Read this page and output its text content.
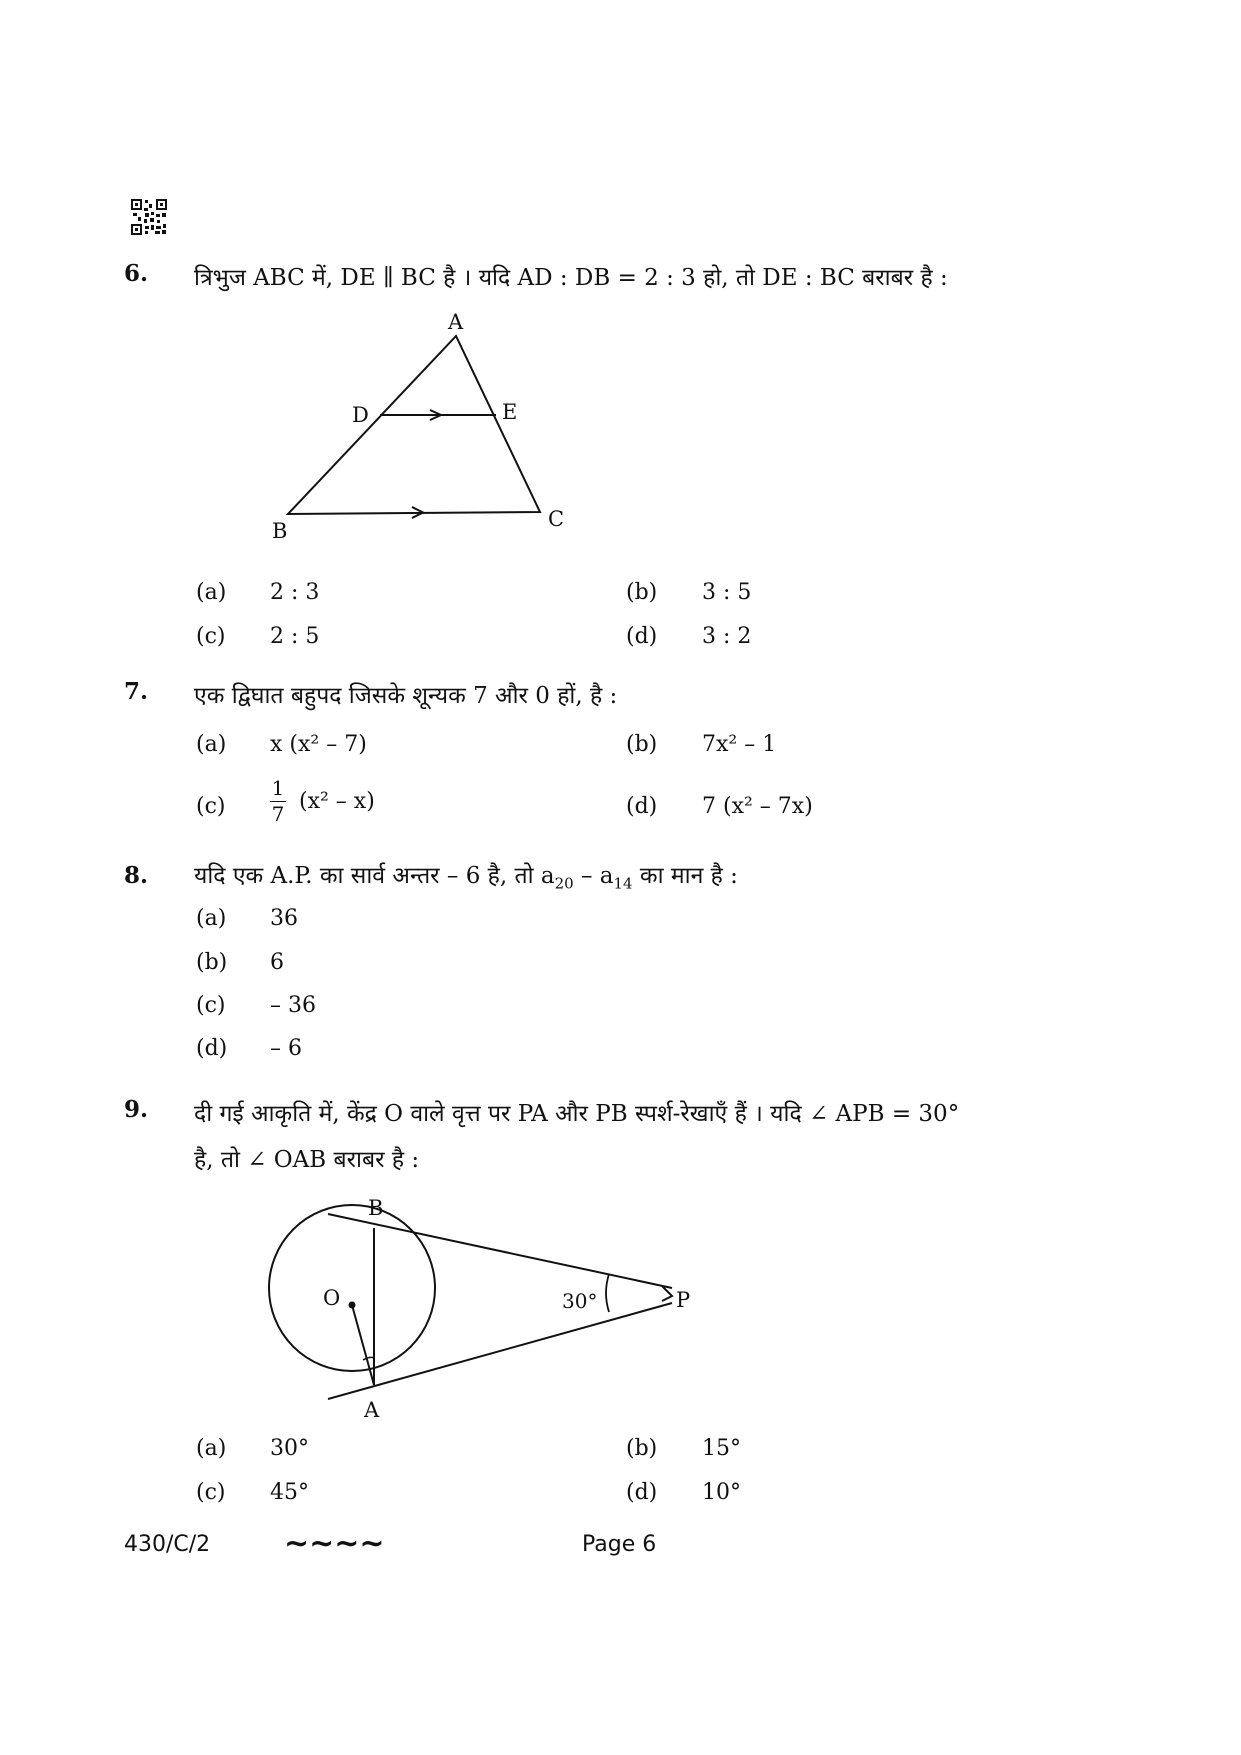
6. त्रिभुज ABC में, DE ∥ BC है । यदि AD : DB = 2 : 3 हो, तो DE : BC बराबर है :
A
D	E
B	C
(a) 2 : 3	(b) 3 : 5
(c) 2 : 5	(d) 3 : 2
7. एक द्विघात बहुपद जिसके शून्यक 7 और 0 हों, है :
(a) x (x² – 7)	(b) 7x² – 1
$(c) \frac{1}{7} (x^2 - x)$	(d) 7 (x² – 7x)
8. यदि एक A.P. का सार्व अन्तर – 6 है, तो $a_{20} - a_{14}$ का मान है :
(a) 36
(b) 6
(c) – 36
(d) – 6
9. दी गई आकृति में, केंद्र O वाले वृत्त पर PA और PB स्पर्श-रेखाएँ हैं । यदि ∠ APB = 30°
है, तो ∠ OAB बराबर है :
B
O	P
A
30°
(a) 30°	(b) 15°
(c) 45°	(d) 10°
430/C/2 ∼∼∼∼	Page 6
